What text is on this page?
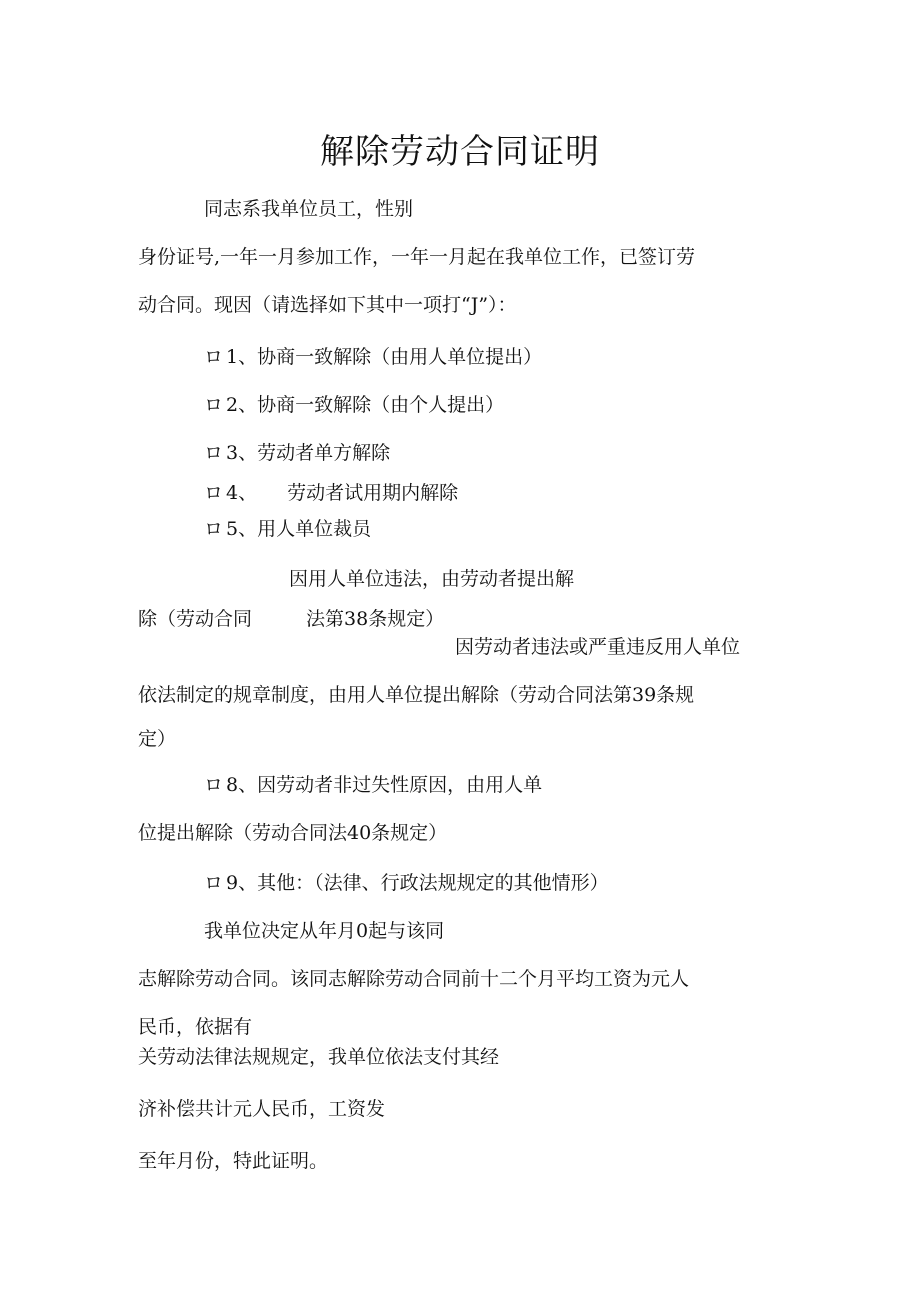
解除劳动合同证明
同志系我单位员工，性别
身份证号,一年一月参加工作，一年一月起在我单位工作，已签订劳
动合同。现因（请选择如下其中一项打“J”）：
ロ 1、协商一致解除（由用人单位提出）
ロ 2、协商一致解除（由个人提出）
ロ 3、劳动者单方解除
ロ 4、 劳动者试用期内解除
ロ 5、用人单位裁员
因用人单位违法，由劳动者提出解
除（劳动合同	法第38条规定）
因劳动者违法或严重违反用人单位
依法制定的规章制度，由用人单位提出解除（劳动合同法第39条规
定）
ロ 8、因劳动者非过失性原因，由用人单
位提出解除（劳动合同法40条规定）
ロ 9、其他：（法律、行政法规规定的其他情形）
我单位决定从年月0起与该同
志解除劳动合同。该同志解除劳动合同前十二个月平均工资为元人
民币，依据有
关劳动法律法规规定，我单位依法支付其经
济补偿共计元人民币，工资发
至年月份，特此证明。
